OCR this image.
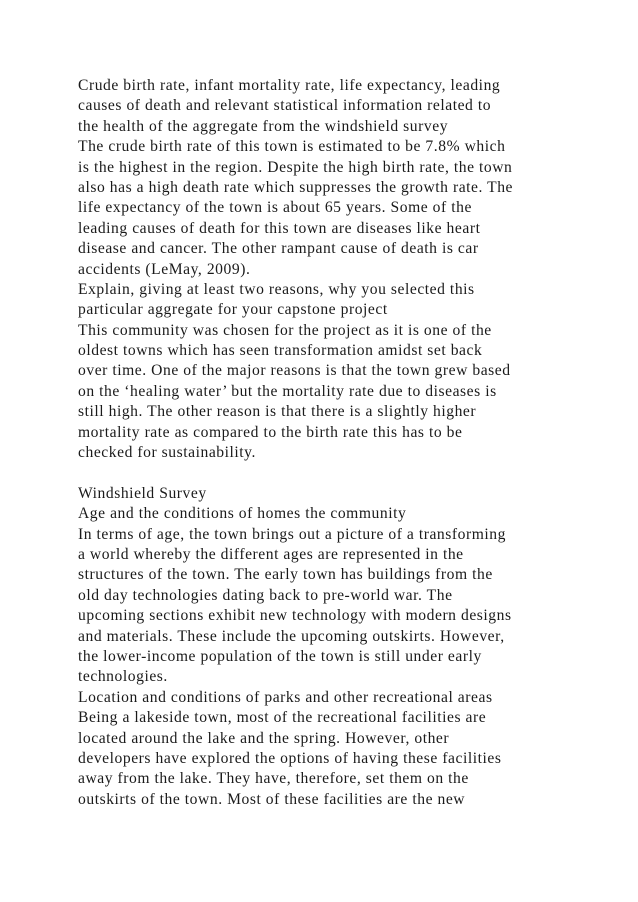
Crude birth rate, infant mortality rate, life expectancy, leading
causes of death and relevant statistical information related to
the health of the aggregate from the windshield survey
The crude birth rate of this town is estimated to be 7.8% which
is the highest in the region. Despite the high birth rate, the town
also has a high death rate which suppresses the growth rate. The
life expectancy of the town is about 65 years. Some of the
leading causes of death for this town are diseases like heart
disease and cancer. The other rampant cause of death is car
accidents (LeMay, 2009).
Explain, giving at least two reasons, why you selected this
particular aggregate for your capstone project
This community was chosen for the project as it is one of the
oldest towns which has seen transformation amidst set back
over time. One of the major reasons is that the town grew based
on the ‘healing water’ but the mortality rate due to diseases is
still high. The other reason is that there is a slightly higher
mortality rate as compared to the birth rate this has to be
checked for sustainability.
Windshield Survey
Age and the conditions of homes the community
In terms of age, the town brings out a picture of a transforming
a world whereby the different ages are represented in the
structures of the town. The early town has buildings from the
old day technologies dating back to pre-world war. The
upcoming sections exhibit new technology with modern designs
and materials. These include the upcoming outskirts. However,
the lower-income population of the town is still under early
technologies.
Location and conditions of parks and other recreational areas
Being a lakeside town, most of the recreational facilities are
located around the lake and the spring. However, other
developers have explored the options of having these facilities
away from the lake. They have, therefore, set them on the
outskirts of the town. Most of these facilities are the new
